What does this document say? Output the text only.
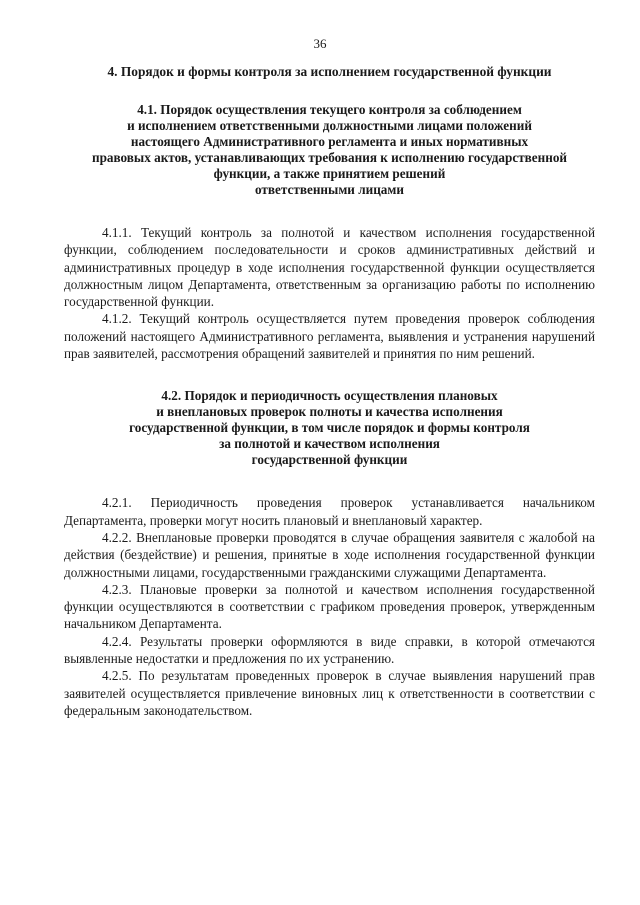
36
4. Порядок и формы контроля за исполнением государственной функции
4.1. Порядок осуществления текущего контроля за соблюдением
и исполнением ответственными должностными лицами положений
настоящего Административного регламента и иных нормативных
правовых актов, устанавливающих требования к исполнению государственной
функции, а также принятием решений
ответственными лицами

4.1.1. Текущий контроль за полнотой и качеством исполнения государственной функции, соблюдением последовательности и сроков административных действий и административных процедур в ходе исполнения государственной функции осуществляется должностным лицом Департамента, ответственным за организацию работы по исполнению государственной функции.

4.1.2. Текущий контроль осуществляется путем проведения проверок соблюдения положений настоящего Административного регламента, выявления и устранения нарушений прав заявителей, рассмотрения обращений заявителей и принятия по ним решений.

4.2. Порядок и периодичность осуществления плановых
и внеплановых проверок полноты и качества исполнения
государственной функции, в том числе порядок и формы контроля
за полнотой и качеством исполнения
государственной функции

4.2.1. Периодичность проведения проверок устанавливается начальником Департамента, проверки могут носить плановый и внеплановый характер.

4.2.2. Внеплановые проверки проводятся в случае обращения заявителя с жалобой на действия (бездействие) и решения, принятые в ходе исполнения государственной функции должностными лицами, государственными гражданскими служащими Департамента.

4.2.3. Плановые проверки за полнотой и качеством исполнения государственной функции осуществляются в соответствии с графиком проведения проверок, утвержденным начальником Департамента.

4.2.4. Результаты проверки оформляются в виде справки, в которой отмечаются выявленные недостатки и предложения по их устранению.

4.2.5. По результатам проведенных проверок в случае выявления нарушений прав заявителей осуществляется привлечение виновных лиц к ответственности в соответствии с федеральным законодательством.
